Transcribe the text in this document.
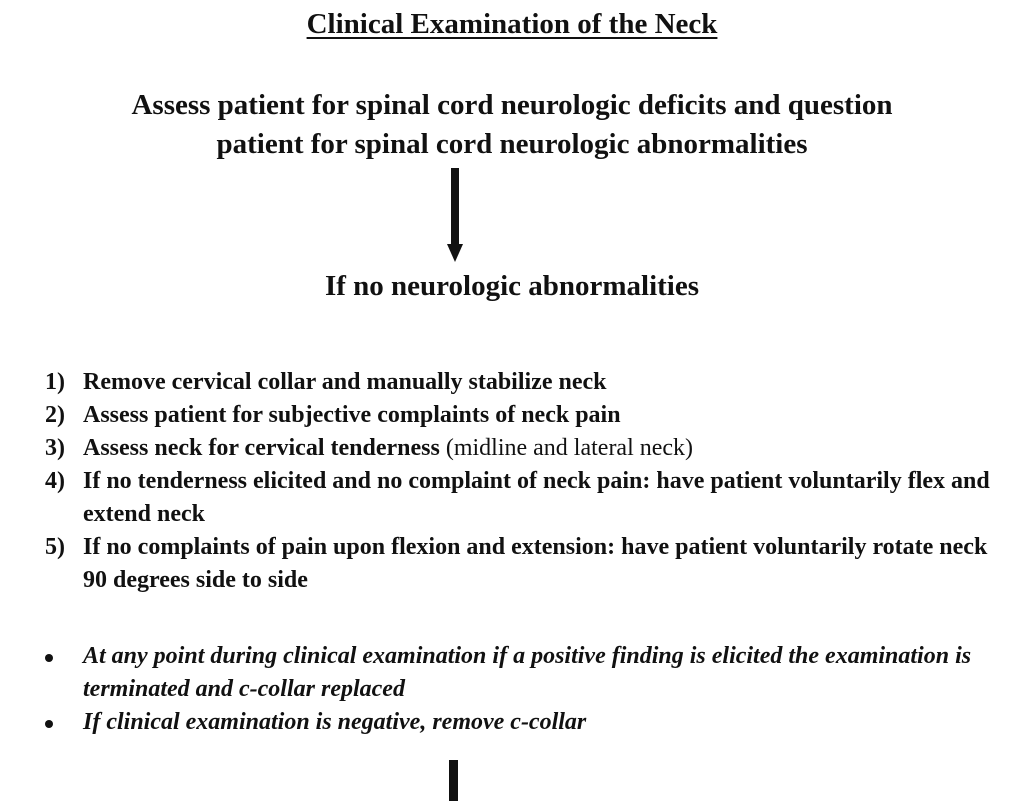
Clinical Examination of the Neck
Assess patient for spinal cord neurologic deficits and question
patient for spinal cord neurologic abnormalities
If no neurologic abnormalities
1) Remove cervical collar and manually stabilize neck
2) Assess patient for subjective complaints of neck pain
3) Assess neck for cervical tenderness (midline and lateral neck)
4) If no tenderness elicited and no complaint of neck pain: have patient voluntarily flex and extend neck
5) If no complaints of pain upon flexion and extension: have patient voluntarily rotate neck 90 degrees side to side
At any point during clinical examination if a positive finding is elicited the examination is terminated and c-collar replaced
If clinical examination is negative, remove c-collar
